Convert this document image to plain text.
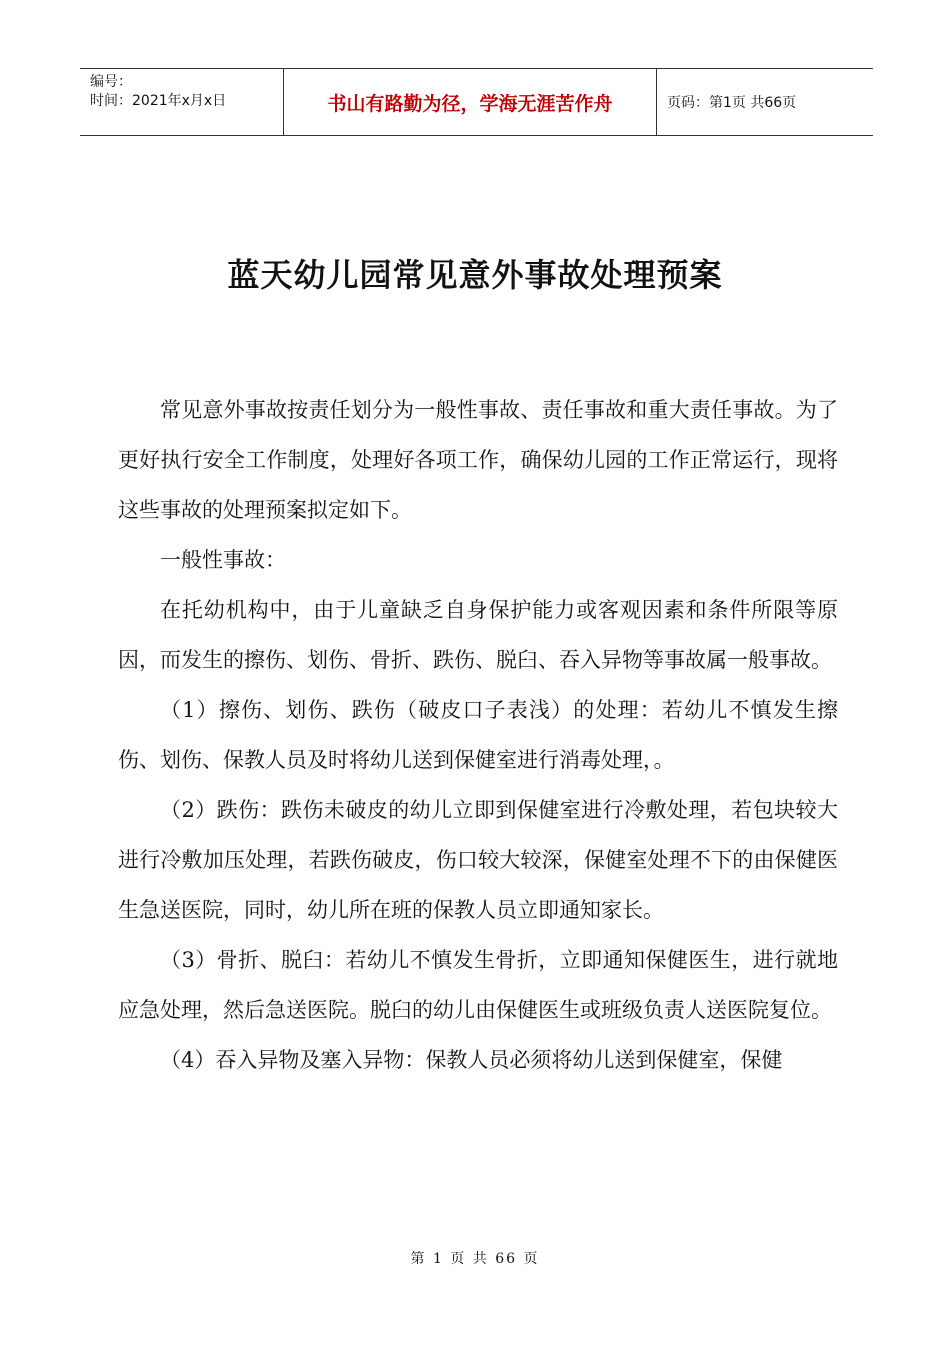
编号：
时间：2021年x月x日	书山有路勤为径，学海无涯苦作舟	页码：第1页 共66页
蓝天幼儿园常见意外事故处理预案

常见意外事故按责任划分为一般性事故、责任事故和重大责任事故。为了更好执行安全工作制度，处理好各项工作，确保幼儿园的工作正常运行，现将这些事故的处理预案拟定如下。

一般性事故：

在托幼机构中，由于儿童缺乏自身保护能力或客观因素和条件所限等原因，而发生的擦伤、划伤、骨折、跌伤、脱臼、吞入异物等事故属一般事故。

（1）擦伤、划伤、跌伤（破皮口子表浅）的处理：若幼儿不慎发生擦伤、划伤、保教人员及时将幼儿送到保健室进行消毒处理，。

（2）跌伤：跌伤未破皮的幼儿立即到保健室进行冷敷处理，若包块较大进行冷敷加压处理，若跌伤破皮，伤口较大较深，保健室处理不下的由保健医生急送医院，同时，幼儿所在班的保教人员立即通知家长。

（3）骨折、脱臼：若幼儿不慎发生骨折，立即通知保健医生，进行就地应急处理，然后急送医院。脱臼的幼儿由保健医生或班级负责人送医院复位。

（4）吞入异物及塞入异物：保教人员必须将幼儿送到保健室，保健

第 1 页 共 66 页
